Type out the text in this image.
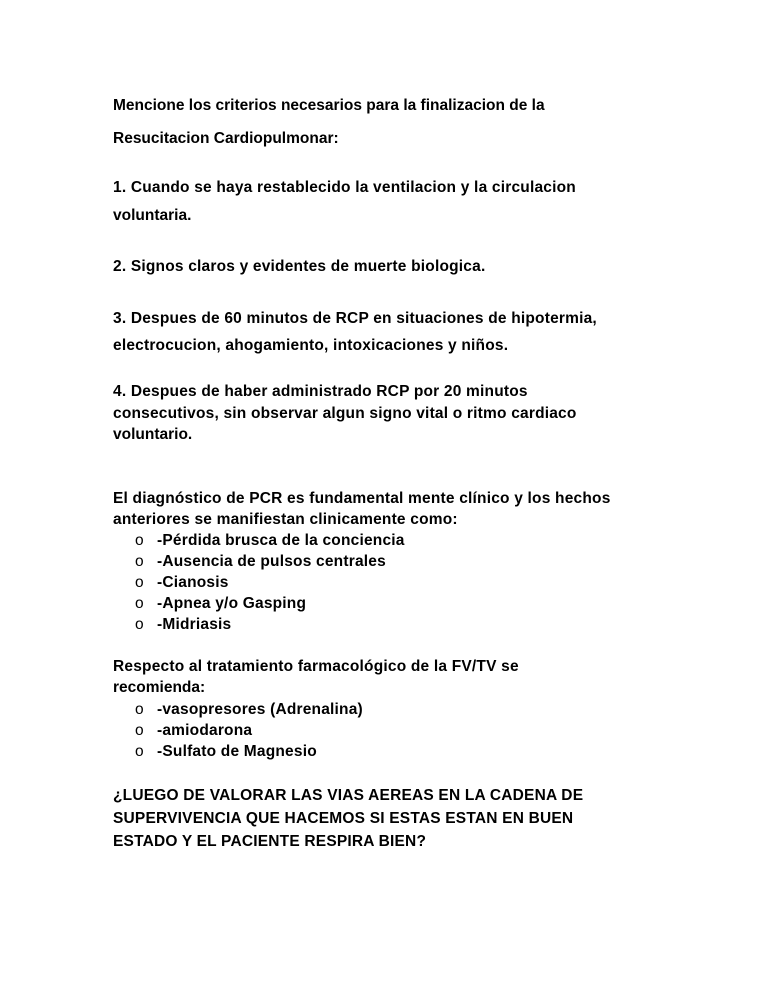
Mencione los criterios necesarios para la finalizacion de la
Resucitacion Cardiopulmonar:
1. Cuando se haya restablecido la ventilacion y la circulacion
voluntaria.
2. Signos claros y evidentes de muerte biologica.
3. Despues de 60 minutos de RCP en situaciones de hipotermia,
electrocucion, ahogamiento, intoxicaciones y niños.
4. Despues de haber administrado RCP por 20 minutos
consecutivos, sin observar algun signo vital o ritmo cardiaco
voluntario.
El diagnóstico de PCR es fundamental mente clínico y los hechos
anteriores se manifiestan clinicamente como:
o -Pérdida brusca de la conciencia
o -Ausencia de pulsos centrales
o -Cianosis
o -Apnea y/o Gasping
o -Midriasis
Respecto al tratamiento farmacológico de la FV/TV se
recomienda:
o -vasopresores (Adrenalina)
o -amiodarona
o -Sulfato de Magnesio
¿LUEGO DE VALORAR LAS VIAS AEREAS EN LA CADENA DE
SUPERVIVENCIA QUE HACEMOS SI ESTAS ESTAN EN BUEN
ESTADO Y EL PACIENTE RESPIRA BIEN?
